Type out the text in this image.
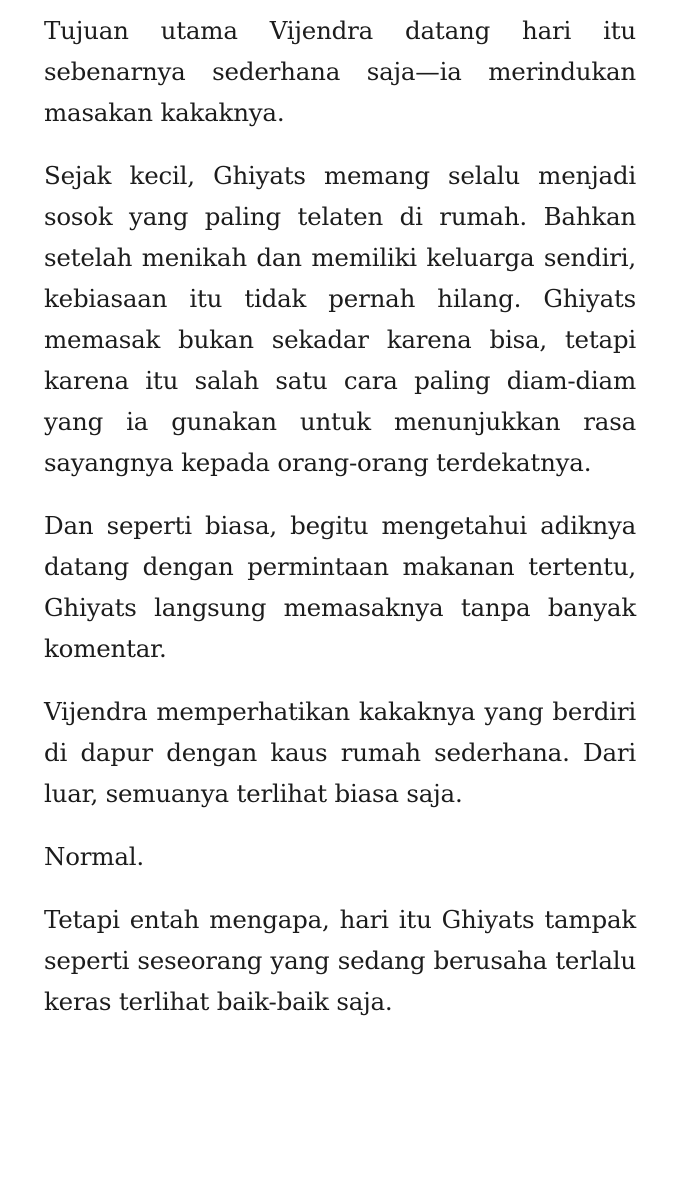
Tujuan utama Vijendra datang hari itu sebenarnya sederhana saja—ia merindukan masakan kakaknya.

Sejak kecil, Ghiyats memang selalu menjadi sosok yang paling telaten di rumah. Bahkan setelah menikah dan memiliki keluarga sendiri, kebiasaan itu tidak pernah hilang. Ghiyats memasak bukan sekadar karena bisa, tetapi karena itu salah satu cara paling diam-diam yang ia gunakan untuk menunjukkan rasa sayangnya kepada orang-orang terdekatnya.

Dan seperti biasa, begitu mengetahui adiknya datang dengan permintaan makanan tertentu, Ghiyats langsung memasaknya tanpa banyak komentar.

Vijendra memperhatikan kakaknya yang berdiri di dapur dengan kaus rumah sederhana. Dari luar, semuanya terlihat biasa saja.

Normal.

Tetapi entah mengapa, hari itu Ghiyats tampak seperti seseorang yang sedang berusaha terlalu keras terlihat baik-baik saja.
